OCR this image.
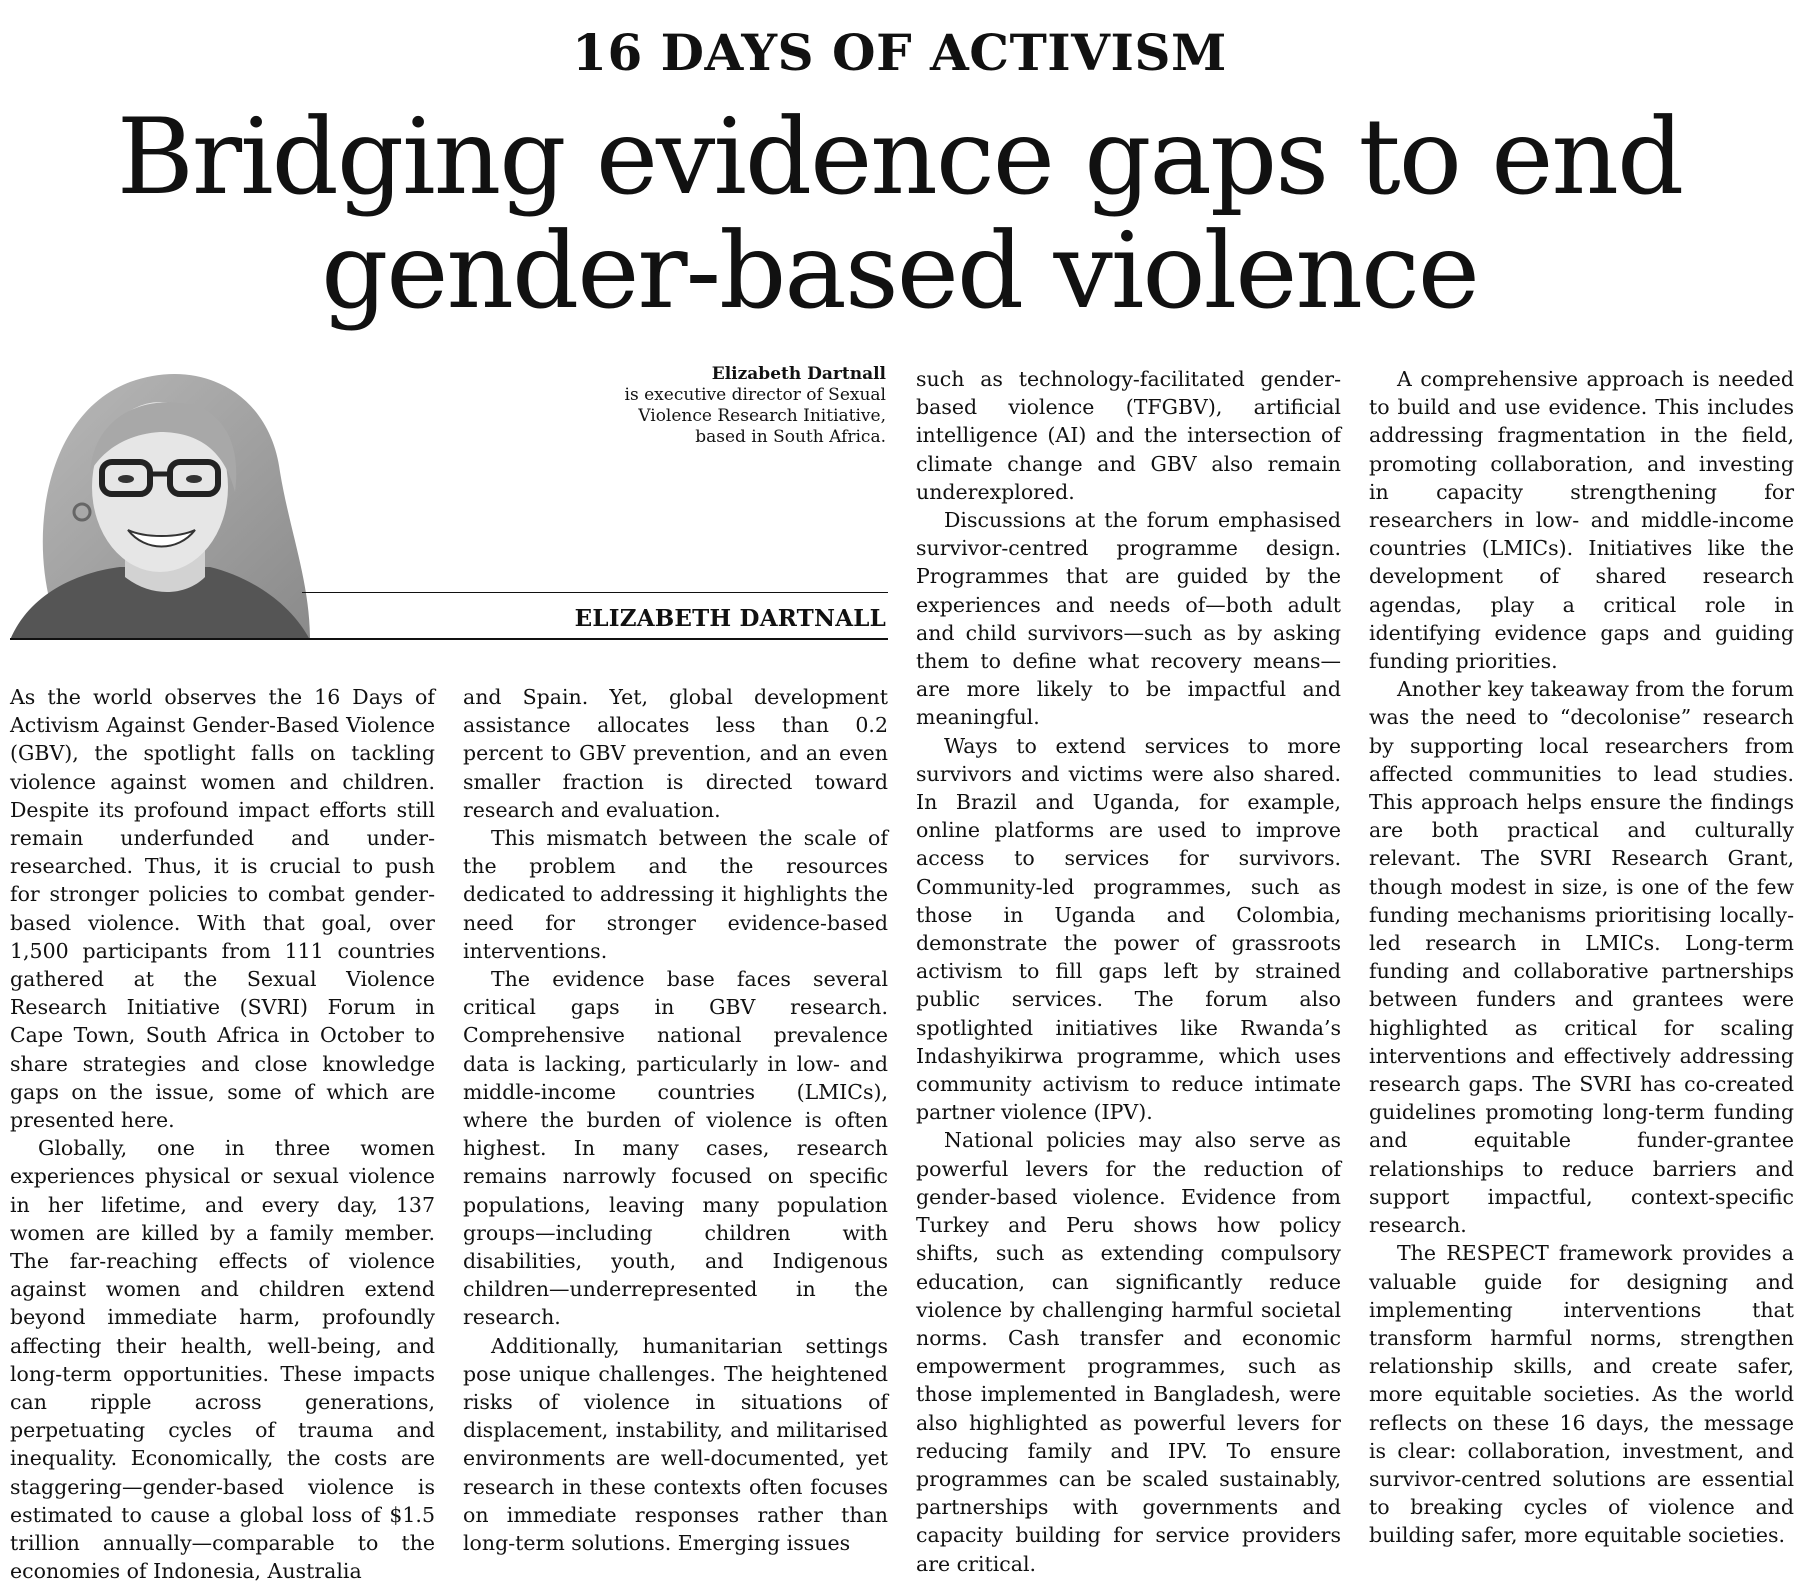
16 DAYS OF ACTIVISM
Bridging evidence gaps to end
gender-based violence
Elizabeth Dartnall
is executive director of Sexual
Violence Research Initiative,
based in South Africa.
ELIZABETH DARTNALL

As the world observes the 16 Days of Activism Against Gender-Based Violence (GBV), the spotlight falls on tackling violence against women and children. Despite its profound impact efforts still remain underfunded and under-researched. Thus, it is crucial to push for stronger policies to combat gender-based violence. With that goal, over 1,500 participants from 111 countries gathered at the Sexual Violence Research Initiative (SVRI) Forum in Cape Town, South Africa in October to share strategies and close knowledge gaps on the issue, some of which are presented here.

Globally, one in three women experiences physical or sexual violence in her lifetime, and every day, 137 women are killed by a family member. The far-reaching effects of violence against women and children extend beyond immediate harm, profoundly affecting their health, well-being, and long-term opportunities. These impacts can ripple across generations, perpetuating cycles of trauma and inequality. Economically, the costs are staggering—gender-based violence is estimated to cause a global loss of $1.5 trillion annually—comparable to the economies of Indonesia, Australia

and Spain. Yet, global development assistance allocates less than 0.2 percent to GBV prevention, and an even smaller fraction is directed toward research and evaluation.

This mismatch between the scale of the problem and the resources dedicated to addressing it highlights the need for stronger evidence-based interventions.

The evidence base faces several critical gaps in GBV research. Comprehensive national prevalence data is lacking, particularly in low- and middle-income countries (LMICs), where the burden of violence is often highest. In many cases, research remains narrowly focused on specific populations, leaving many population groups—including children with disabilities, youth, and Indigenous children—underrepresented in the research.

Additionally, humanitarian settings pose unique challenges. The heightened risks of violence in situations of displacement, instability, and militarised environments are well-documented, yet research in these contexts often focuses on immediate responses rather than long-term solutions. Emerging issues

such as technology-facilitated gender-based violence (TFGBV), artificial intelligence (AI) and the intersection of climate change and GBV also remain underexplored.

Discussions at the forum emphasised survivor-centred programme design. Programmes that are guided by the experiences and needs of—both adult and child survivors—such as by asking them to define what recovery means—are more likely to be impactful and meaningful.

Ways to extend services to more survivors and victims were also shared. In Brazil and Uganda, for example, online platforms are used to improve access to services for survivors. Community-led programmes, such as those in Uganda and Colombia, demonstrate the power of grassroots activism to fill gaps left by strained public services. The forum also spotlighted initiatives like Rwanda’s Indashyikirwa programme, which uses community activism to reduce intimate partner violence (IPV).

National policies may also serve as powerful levers for the reduction of gender-based violence. Evidence from Turkey and Peru shows how policy shifts, such as extending compulsory education, can significantly reduce violence by challenging harmful societal norms. Cash transfer and economic empowerment programmes, such as those implemented in Bangladesh, were also highlighted as powerful levers for reducing family and IPV. To ensure programmes can be scaled sustainably, partnerships with governments and capacity building for service providers are critical.

A comprehensive approach is needed to build and use evidence. This includes addressing fragmentation in the field, promoting collaboration, and investing in capacity strengthening for researchers in low- and middle-income countries (LMICs). Initiatives like the development of shared research agendas, play a critical role in identifying evidence gaps and guiding funding priorities.

Another key takeaway from the forum was the need to “decolonise” research by supporting local researchers from affected communities to lead studies. This approach helps ensure the findings are both practical and culturally relevant. The SVRI Research Grant, though modest in size, is one of the few funding mechanisms prioritising locally-led research in LMICs. Long-term funding and collaborative partnerships between funders and grantees were highlighted as critical for scaling interventions and effectively addressing research gaps. The SVRI has co-created guidelines promoting long-term funding and equitable funder-grantee relationships to reduce barriers and support impactful, context-specific research.

The RESPECT framework provides a valuable guide for designing and implementing interventions that transform harmful norms, strengthen relationship skills, and create safer, more equitable societies. As the world reflects on these 16 days, the message is clear: collaboration, investment, and survivor-centred solutions are essential to breaking cycles of violence and building safer, more equitable societies.
